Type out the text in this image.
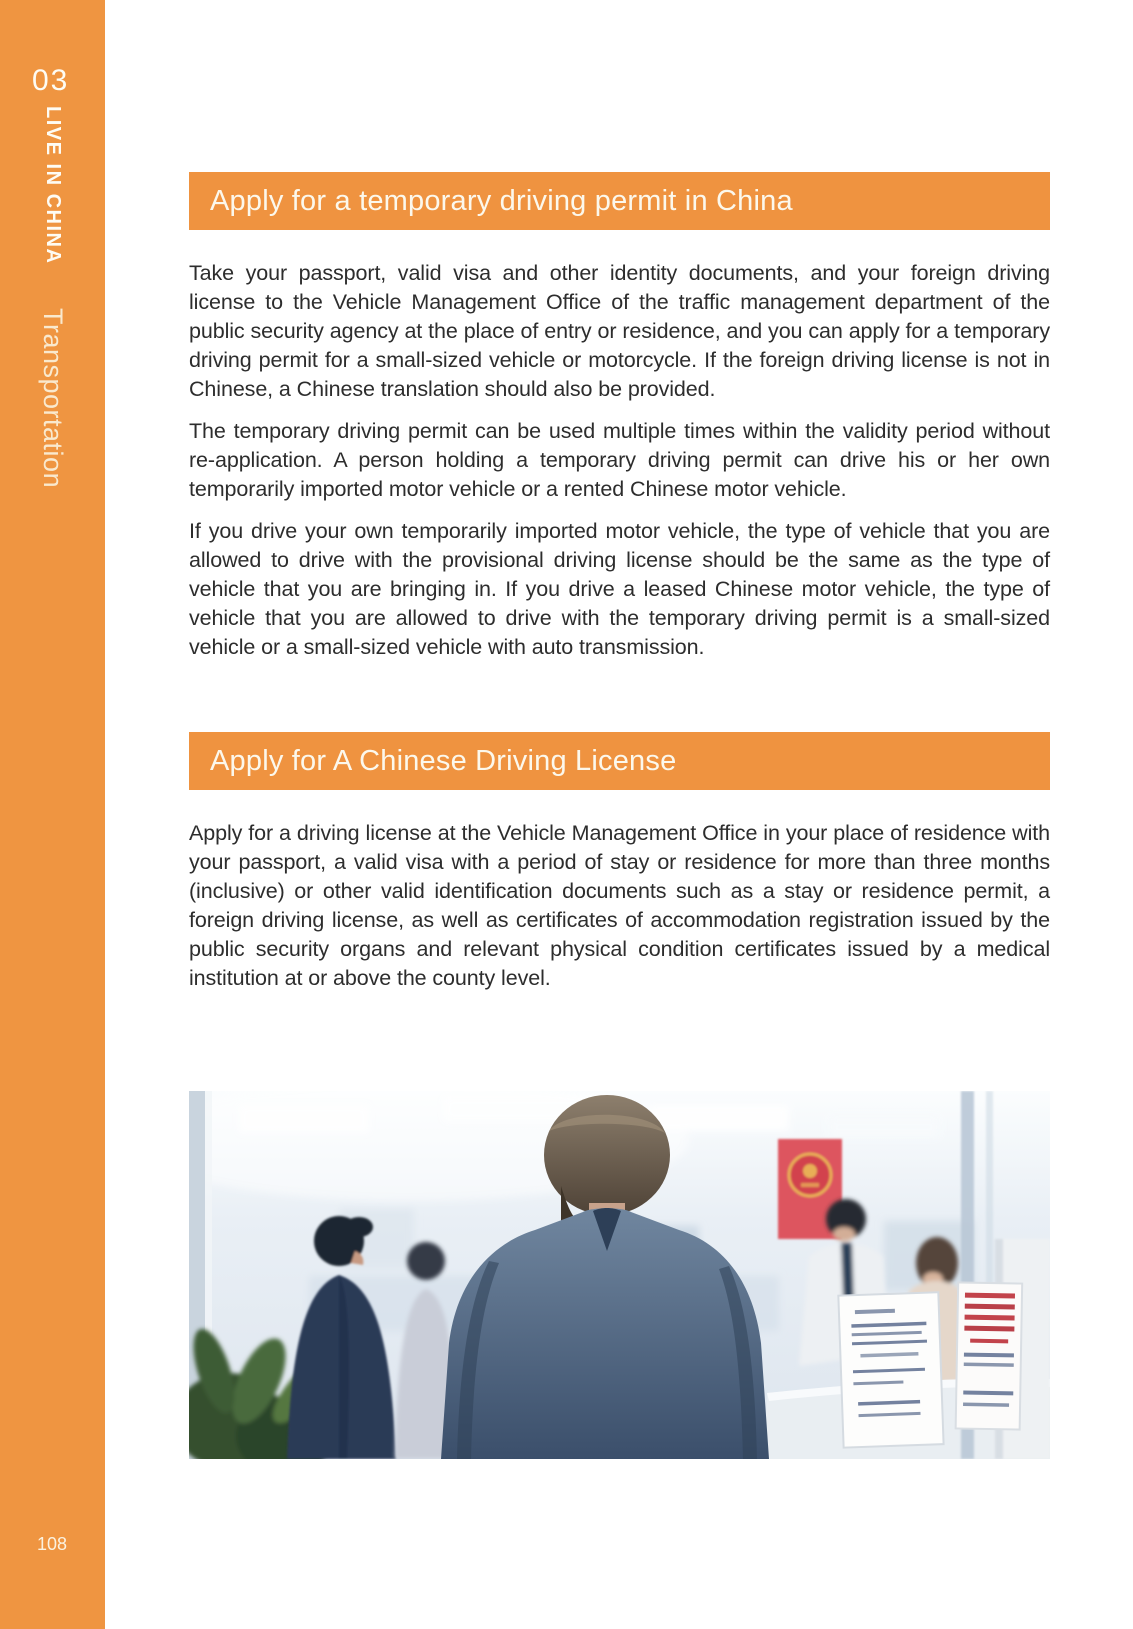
03
LIVE IN CHINA
Transportation
108
Apply for a temporary driving permit in China

Take your passport, valid visa and other identity documents, and your foreign driving license to the Vehicle Management Office of the traffic management department of the public security agency at the place of entry or residence, and you can apply for a temporary driving permit for a small-sized vehicle or motorcycle. If the foreign driving license is not in Chinese, a Chinese translation should also be provided.

The temporary driving permit can be used multiple times within the validity period without re-application. A person holding a temporary driving permit can drive his or her own temporarily imported motor vehicle or a rented Chinese motor vehicle.

If you drive your own temporarily imported motor vehicle, the type of vehicle that you are allowed to drive with the provisional driving license should be the same as the type of vehicle that you are bringing in. If you drive a leased Chinese motor vehicle, the type of vehicle that you are allowed to drive with the temporary driving permit is a small-sized vehicle or a small-sized vehicle with auto transmission.

Apply for A Chinese Driving License

Apply for a driving license at the Vehicle Management Office in your place of residence with your passport, a valid visa with a period of stay or residence for more than three months (inclusive) or other valid identification documents such as a stay or residence permit, a foreign driving license, as well as certificates of accommodation registration issued by the public security organs and relevant physical condition certificates issued by a medical institution at or above the county level.
